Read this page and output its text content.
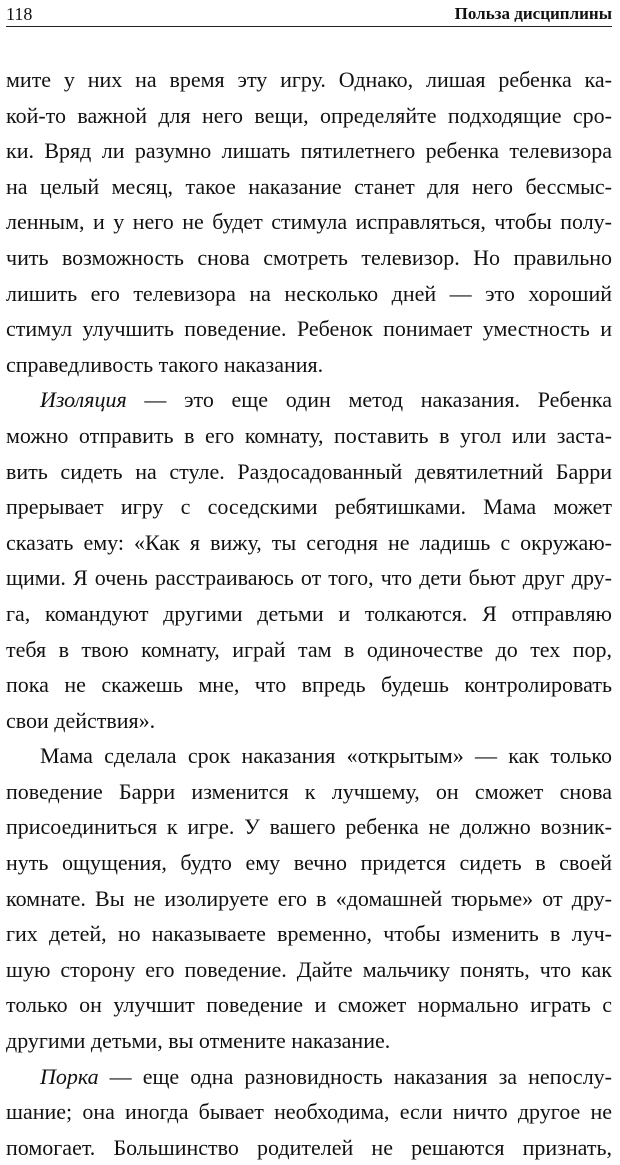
118	Польза дисциплины
мите у них на время эту игру. Однако, лишая ребенка ка-
кой-то важной для него вещи, определяйте подходящие сро-
ки. Вряд ли разумно лишать пятилетнего ребенка телевизора
на целый месяц, такое наказание станет для него бессмыс-
ленным, и у него не будет стимула исправляться, чтобы полу-
чить возможность снова смотреть телевизор. Но правильно
лишить его телевизора на несколько дней — это хороший
стимул улучшить поведение. Ребенок понимает уместность и
справедливость такого наказания.
Изоляция — это еще один метод наказания. Ребенка
можно отправить в его комнату, поставить в угол или заста-
вить сидеть на стуле. Раздосадованный девятилетний Барри
прерывает игру с соседскими ребятишками. Мама может
сказать ему: «Как я вижу, ты сегодня не ладишь с окружаю-
щими. Я очень расстраиваюсь от того, что дети бьют друг дру-
га, командуют другими детьми и толкаются. Я отправляю
тебя в твою комнату, играй там в одиночестве до тех пор,
пока не скажешь мне, что впредь будешь контролировать
свои действия».
Мама сделала срок наказания «открытым» — как только
поведение Барри изменится к лучшему, он сможет снова
присоединиться к игре. У вашего ребенка не должно возник-
нуть ощущения, будто ему вечно придется сидеть в своей
комнате. Вы не изолируете его в «домашней тюрьме» от дру-
гих детей, но наказываете временно, чтобы изменить в луч-
шую сторону его поведение. Дайте мальчику понять, что как
только он улучшит поведение и сможет нормально играть с
другими детьми, вы отмените наказание.
Порка — еще одна разновидность наказания за непослу-
шание; она иногда бывает необходима, если ничто другое не
помогает. Большинство родителей не решаются признать,
